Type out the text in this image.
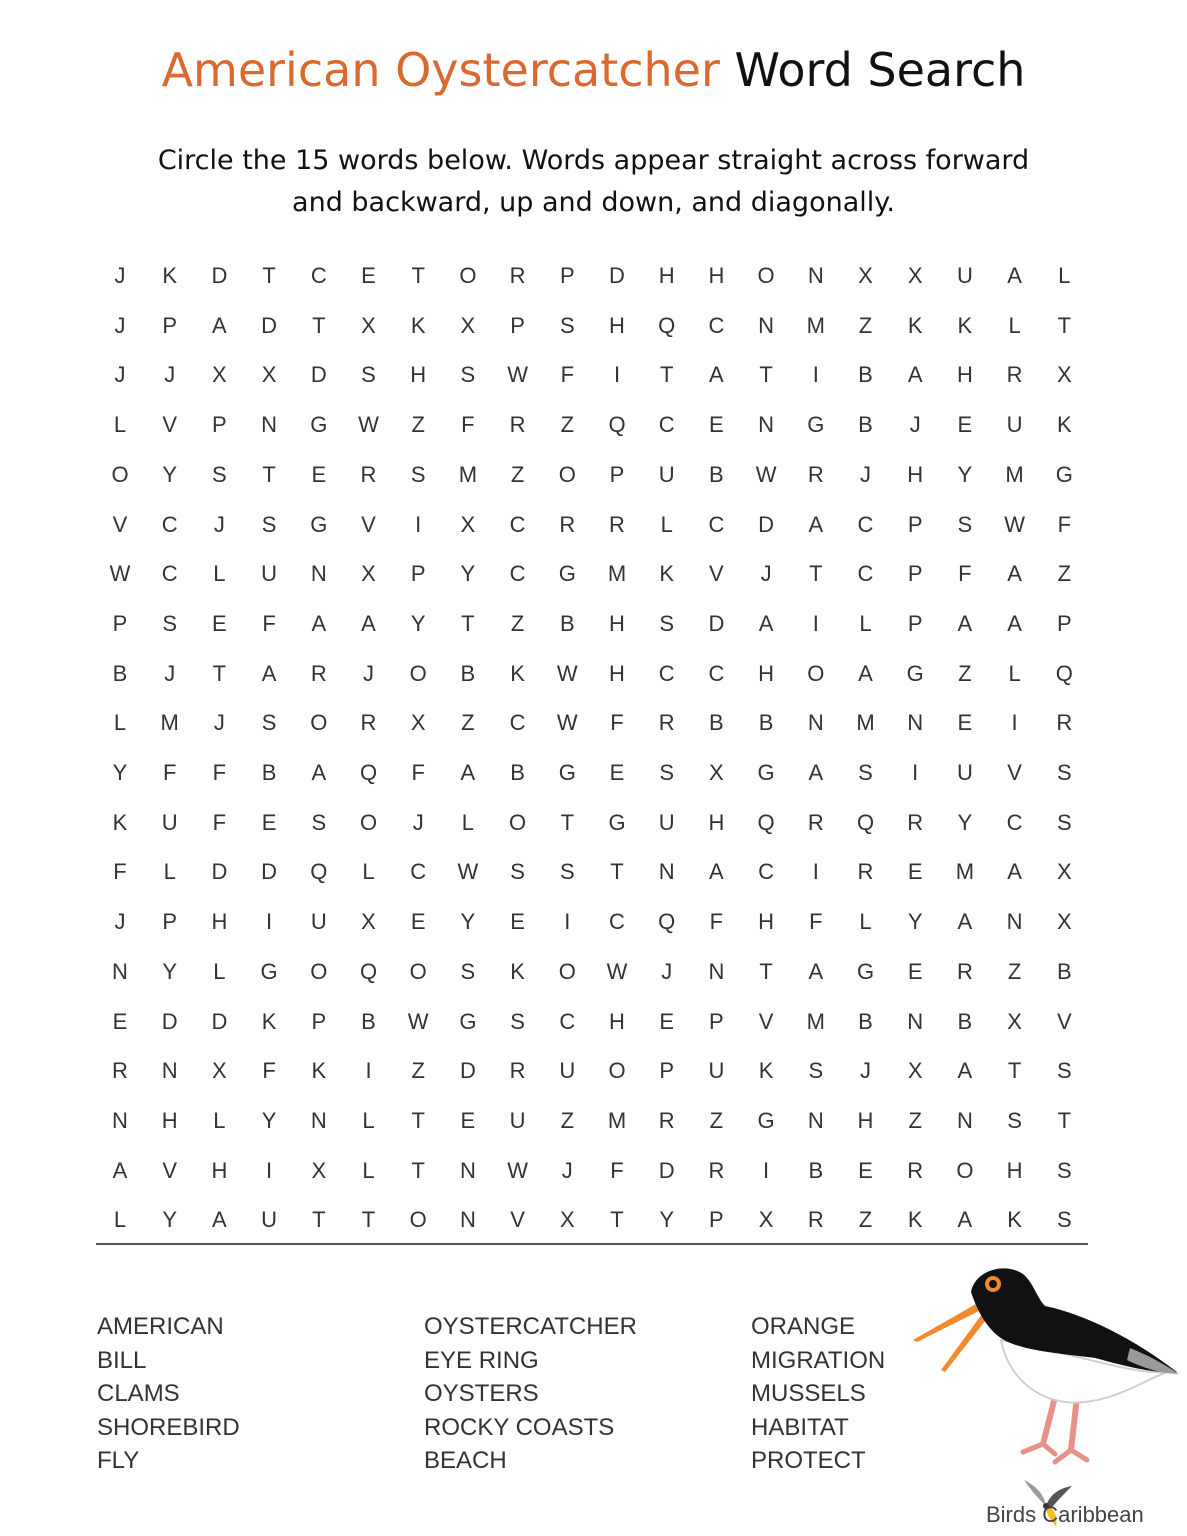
American Oystercatcher Word Search
Circle the 15 words below. Words appear straight across forward
and backward, up and down, and diagonally.
J	K	D	T	C	E	T	O	R	P	D	H	H	O	N	X	X	U	A	L
J	P	A	D	T	X	K	X	P	S	H	Q	C	N	M	Z	K	K	L	T
J	J	X	X	D	S	H	S	W	F	I	T	A	T	I	B	A	H	R	X
L	V	P	N	G	W	Z	F	R	Z	Q	C	E	N	G	B	J	E	U	K
O	Y	S	T	E	R	S	M	Z	O	P	U	B	W	R	J	H	Y	M	G
V	C	J	S	G	V	I	X	C	R	R	L	C	D	A	C	P	S	W	F
W	C	L	U	N	X	P	Y	C	G	M	K	V	J	T	C	P	F	A	Z
P	S	E	F	A	A	Y	T	Z	B	H	S	D	A	I	L	P	A	A	P
B	J	T	A	R	J	O	B	K	W	H	C	C	H	O	A	G	Z	L	Q
L	M	J	S	O	R	X	Z	C	W	F	R	B	B	N	M	N	E	I	R
Y	F	F	B	A	Q	F	A	B	G	E	S	X	G	A	S	I	U	V	S
K	U	F	E	S	O	J	L	O	T	G	U	H	Q	R	Q	R	Y	C	S
F	L	D	D	Q	L	C	W	S	S	T	N	A	C	I	R	E	M	A	X
J	P	H	I	U	X	E	Y	E	I	C	Q	F	H	F	L	Y	A	N	X
N	Y	L	G	O	Q	O	S	K	O	W	J	N	T	A	G	E	R	Z	B
E	D	D	K	P	B	W	G	S	C	H	E	P	V	M	B	N	B	X	V
R	N	X	F	K	I	Z	D	R	U	O	P	U	K	S	J	X	A	T	S
N	H	L	Y	N	L	T	E	U	Z	M	R	Z	G	N	H	Z	N	S	T
A	V	H	I	X	L	T	N	W	J	F	D	R	I	B	E	R	O	H	S
L	Y	A	U	T	T	O	N	V	X	T	Y	P	X	R	Z	K	A	K	S
AMERICAN
BILL
CLAMS
SHOREBIRD
FLY
OYSTERCATCHER
EYE RING
OYSTERS
ROCKY COASTS
BEACH
ORANGE
MIGRATION
MUSSELS
HABITAT
PROTECT
Birds Caribbean
